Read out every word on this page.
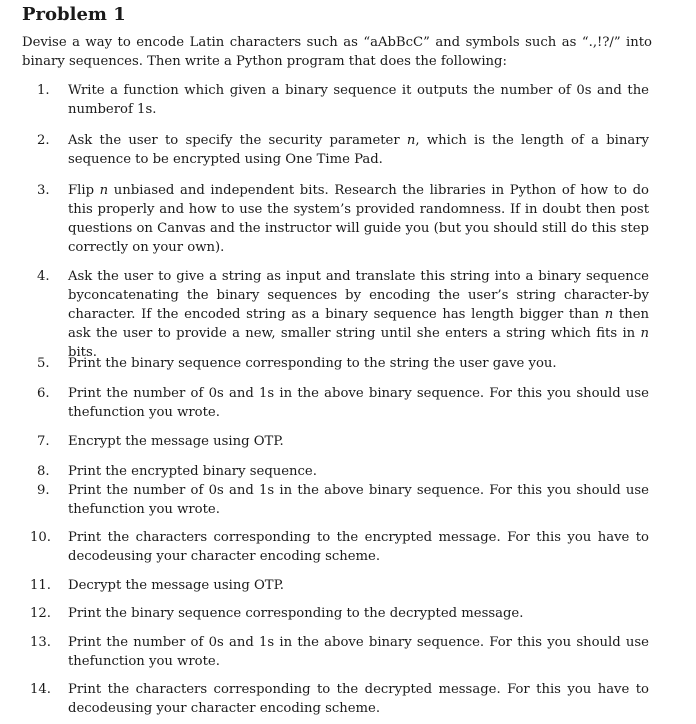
Problem 1

Devise a way to encode Latin characters such as “aAbBcC” and symbols such as “.,!?/” into binary sequences. Then write a Python program that does the following:

1.	Write a function which given a binary sequence it outputs the number of 0s and the numberof 1s.
2.	Ask the user to specify the security parameter n, which is the length of a binary sequence to be encrypted using One Time Pad.
3.	Flip n unbiased and independent bits. Research the libraries in Python of how to do this properly and how to use the system’s provided randomness. If in doubt then post questions on Canvas and the instructor will guide you (but you should still do this step correctly on your own).
4.	Ask the user to give a string as input and translate this string into a binary sequence byconcatenating the binary sequences by encoding the user’s string character-by character. If the encoded string as a binary sequence has length bigger than n then ask the user to provide a new, smaller string until she enters a string which fits in n bits.
5.	Print the binary sequence corresponding to the string the user gave you.
6.	Print the number of 0s and 1s in the above binary sequence. For this you should use thefunction you wrote.
7.	Encrypt the message using OTP.
8.	Print the encrypted binary sequence.
9.	Print the number of 0s and 1s in the above binary sequence. For this you should use thefunction you wrote.
10.	Print the characters corresponding to the encrypted message. For this you have to decodeusing your character encoding scheme.
11.	Decrypt the message using OTP.
12.	Print the binary sequence corresponding to the decrypted message.
13.	Print the number of 0s and 1s in the above binary sequence. For this you should use thefunction you wrote.
14.	Print the characters corresponding to the decrypted message. For this you have to decodeusing your character encoding scheme.
